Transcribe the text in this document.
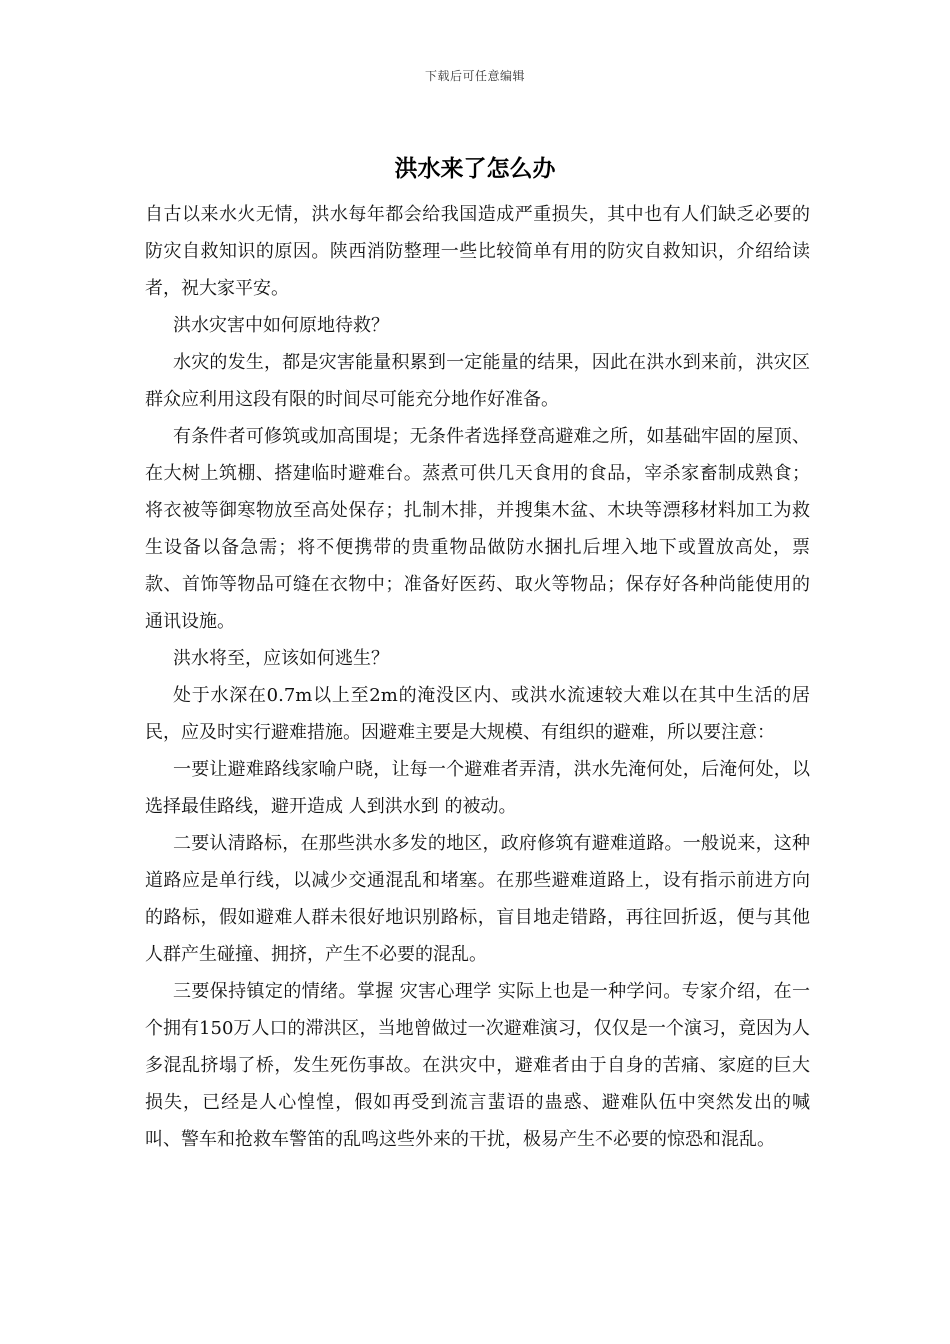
下载后可任意编辑
洪水来了怎么办

自古以来水火无情，洪水每年都会给我国造成严重损失，其中也有人们缺乏必要的防灾自救知识的原因。陕西消防整理一些比较简单有用的防灾自救知识，介绍给读者，祝大家平安。

洪水灾害中如何原地待救？

水灾的发生，都是灾害能量积累到一定能量的结果，因此在洪水到来前，洪灾区群众应利用这段有限的时间尽可能充分地作好准备。

有条件者可修筑或加高围堤；无条件者选择登高避难之所，如基础牢固的屋顶、在大树上筑棚、搭建临时避难台。蒸煮可供几天食用的食品，宰杀家畜制成熟食；将衣被等御寒物放至高处保存；扎制木排，并搜集木盆、木块等漂移材料加工为救生设备以备急需；将不便携带的贵重物品做防水捆扎后埋入地下或置放高处，票款、首饰等物品可缝在衣物中；准备好医药、取火等物品；保存好各种尚能使用的通讯设施。

洪水将至，应该如何逃生？

处于水深在0.7m以上至2m的淹没区内、或洪水流速较大难以在其中生活的居民，应及时实行避难措施。因避难主要是大规模、有组织的避难，所以要注意：

一要让避难路线家喻户晓，让每一个避难者弄清，洪水先淹何处，后淹何处，以选择最佳路线，避开造成 人到洪水到 的被动。

二要认清路标，在那些洪水多发的地区，政府修筑有避难道路。一般说来，这种道路应是单行线，以减少交通混乱和堵塞。在那些避难道路上，设有指示前进方向的路标，假如避难人群未很好地识别路标，盲目地走错路，再往回折返，便与其他人群产生碰撞、拥挤，产生不必要的混乱。

三要保持镇定的情绪。掌握 灾害心理学 实际上也是一种学问。专家介绍，在一个拥有150万人口的滞洪区，当地曾做过一次避难演习，仅仅是一个演习，竟因为人多混乱挤塌了桥，发生死伤事故。在洪灾中，避难者由于自身的苦痛、家庭的巨大损失，已经是人心惶惶，假如再受到流言蜚语的蛊惑、避难队伍中突然发出的喊叫、警车和抢救车警笛的乱鸣这些外来的干扰，极易产生不必要的惊恐和混乱。
